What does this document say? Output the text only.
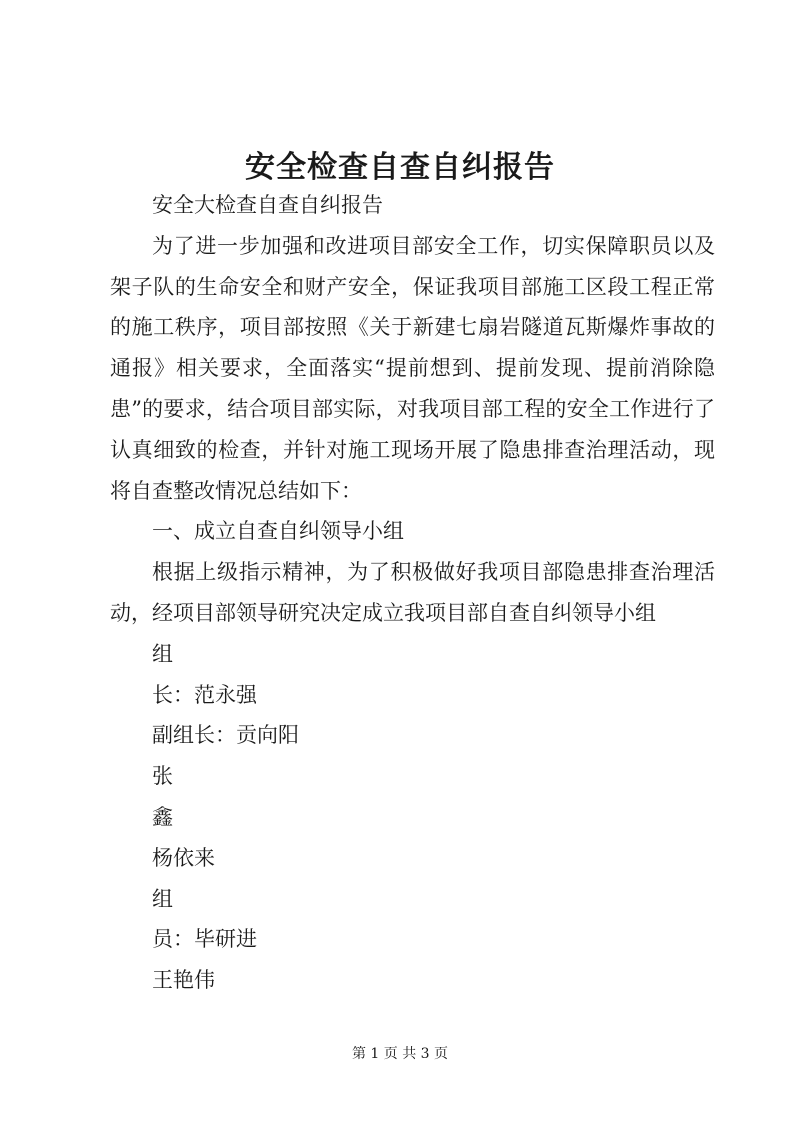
安全检查自查自纠报告

安全大检查自查自纠报告

为了进一步加强和改进项目部安全工作，切实保障职员以及架子队的生命安全和财产安全，保证我项目部施工区段工程正常的施工秩序，项目部按照《关于新建七扇岩隧道瓦斯爆炸事故的通报》相关要求，全面落实“提前想到、提前发现、提前消除隐患”的要求，结合项目部实际，对我项目部工程的安全工作进行了认真细致的检查，并针对施工现场开展了隐患排查治理活动，现将自查整改情况总结如下：

一、成立自查自纠领导小组

根据上级指示精神，为了积极做好我项目部隐患排查治理活动，经项目部领导研究决定成立我项目部自查自纠领导小组

组

长：范永强

副组长：贡向阳

张

鑫

杨依来

组

员：毕研进

王艳伟

第 1 页 共 3 页
